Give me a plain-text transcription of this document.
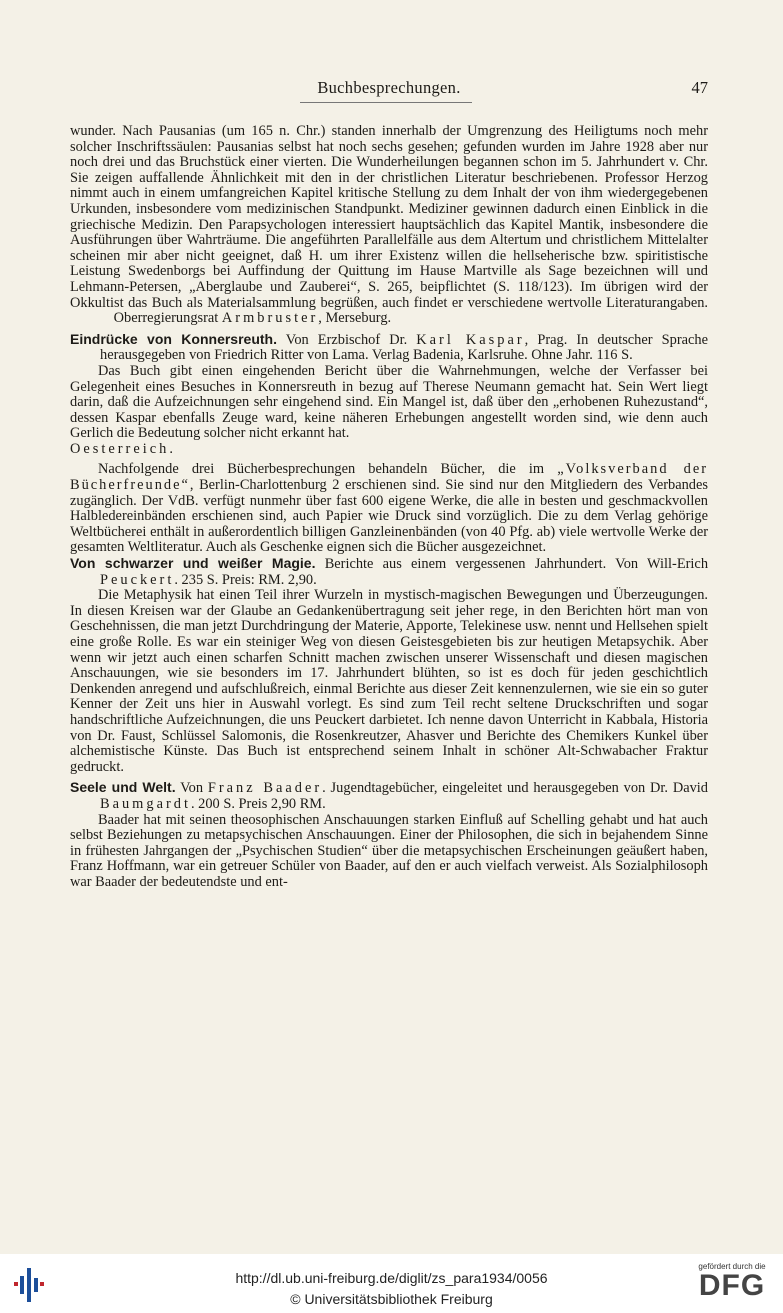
Buchbesprechungen.	47

wunder. Nach Pausanias (um 165 n. Chr.) standen innerhalb der Umgrenzung des Heiligtums noch mehr solcher Inschriftssäulen: Pausanias selbst hat noch sechs gesehen; gefunden wurden im Jahre 1928 aber nur noch drei und das Bruchstück einer vierten. Die Wunderheilungen begannen schon im 5. Jahrhundert v. Chr. Sie zeigen auffallende Ähnlichkeit mit den in der christlichen Literatur beschriebenen. Professor Herzog nimmt auch in einem umfangreichen Kapitel kritische Stellung zu dem Inhalt der von ihm wiedergegebenen Urkunden, insbesondere vom medizinischen Standpunkt. Mediziner gewinnen dadurch einen Einblick in die griechische Medizin. Den Parapsychologen interessiert hauptsächlich das Kapitel Mantik, insbesondere die Ausführungen über Wahrträume. Die angeführten Parallelfälle aus dem Altertum und christlichem Mittelalter scheinen mir aber nicht geeignet, daß H. um ihrer Existenz willen die hellseherische bzw. spiritistische Leistung Swedenborgs bei Auffindung der Quittung im Hause Martville als Sage bezeichnen will und Lehmann-Petersen, „Aberglaube und Zauberei“, S. 265, beipflichtet (S. 118/123). Im übrigen wird der Okkultist das Buch als Materialsammlung begrüßen, auch findet er verschiedene wertvolle Literaturangaben.  Oberregierungsrat Armbruster, Merseburg.

Eindrücke von Konnersreuth. Von Erzbischof Dr. Karl Kaspar, Prag. In deutscher Sprache herausgegeben von Friedrich Ritter von Lama. Verlag Badenia, Karlsruhe. Ohne Jahr. 116 S.

Das Buch gibt einen eingehenden Bericht über die Wahrnehmungen, welche der Verfasser bei Gelegenheit eines Besuches in Konnersreuth in bezug auf Therese Neumann gemacht hat. Sein Wert liegt darin, daß die Aufzeichnungen sehr eingehend sind. Ein Mangel ist, daß über den „erhobenen Ruhezustand“, dessen Kaspar ebenfalls Zeuge ward, keine näheren Erhebungen angestellt worden sind, wie denn auch Gerlich die Bedeutung solcher nicht erkannt hat.

Oesterreich.

Nachfolgende drei Bücherbesprechungen behandeln Bücher, die im „Volksverband der Bücherfreunde“, Berlin-Charlottenburg 2 erschienen sind. Sie sind nur den Mitgliedern des Verbandes zugänglich. Der VdB. verfügt nunmehr über fast 600 eigene Werke, die alle in besten und geschmackvollen Halblederеinbänden erschienen sind, auch Papier wie Druck sind vorzüglich. Die zu dem Verlag gehörige Weltbücherei enthält in außerordentlich billigen Ganzleinenbänden (von 40 Pfg. ab) viele wertvolle Werke der gesamten Weltliteratur. Auch als Geschenke eignen sich die Bücher ausgezeichnet.

Von schwarzer und weißer Magie. Berichte aus einem vergessenen Jahrhundert. Von Will-Erich Peuckert. 235 S. Preis: RM. 2,90.

Die Metaphysik hat einen Teil ihrer Wurzeln in mystisch-magischen Bewegungen und Überzeugungen. In diesen Kreisen war der Glaube an Gedankenübertragung seit jeher rege, in den Berichten hört man von Geschehnissen, die man jetzt Durchdringung der Materie, Apporte, Telekinese usw. nennt und Hellsehen spielt eine große Rolle. Es war ein steiniger Weg von diesen Geistesgebieten bis zur heutigen Metapsychik. Aber wenn wir jetzt auch einen scharfen Schnitt machen zwischen unserer Wissenschaft und diesen magischen Anschauungen, wie sie besonders im 17. Jahrhundert blühten, so ist es doch für jeden geschichtlich Denkenden anregend und aufschlußreich, einmal Berichte aus dieser Zeit kennenzulernen, wie sie ein so guter Kenner der Zeit uns hier in Auswahl vorlegt. Es sind zum Teil recht seltene Druckschriften und sogar handschriftliche Aufzeichnungen, die uns Peuckert darbietet. Ich nenne davon Unterricht in Kabbala, Historia von Dr. Faust, Schlüssel Salomonis, die Rosenkreutzer, Ahasver und Berichte des Chemikers Kunkel über alchemistische Künste. Das Buch ist entsprechend seinem Inhalt in schöner Alt-Schwabacher Fraktur gedruckt.

Seele und Welt. Von Franz Baader. Jugendtagebücher, eingeleitet und herausgegeben von Dr. David Baumgardt. 200 S. Preis 2,90 RM.

Baader hat mit seinen theosophischen Anschauungen starken Einfluß auf Schelling gehabt und hat auch selbst Beziehungen zu metapsychischen Anschauungen. Einer der Philosophen, die sich in bejahendem Sinne in frühesten Jahrgangen der „Psychischen Studien“ über die metapsychischen Erscheinungen geäußert haben, Franz Hoffmann, war ein getreuer Schüler von Baader, auf den er auch vielfach verweist. Als Sozialphilosoph war Baader der bedeutendste und ent-

http://dl.ub.uni-freiburg.de/diglit/zs_para1934/0056
© Universitätsbibliothek Freiburg
gefördert durch die
DFG
